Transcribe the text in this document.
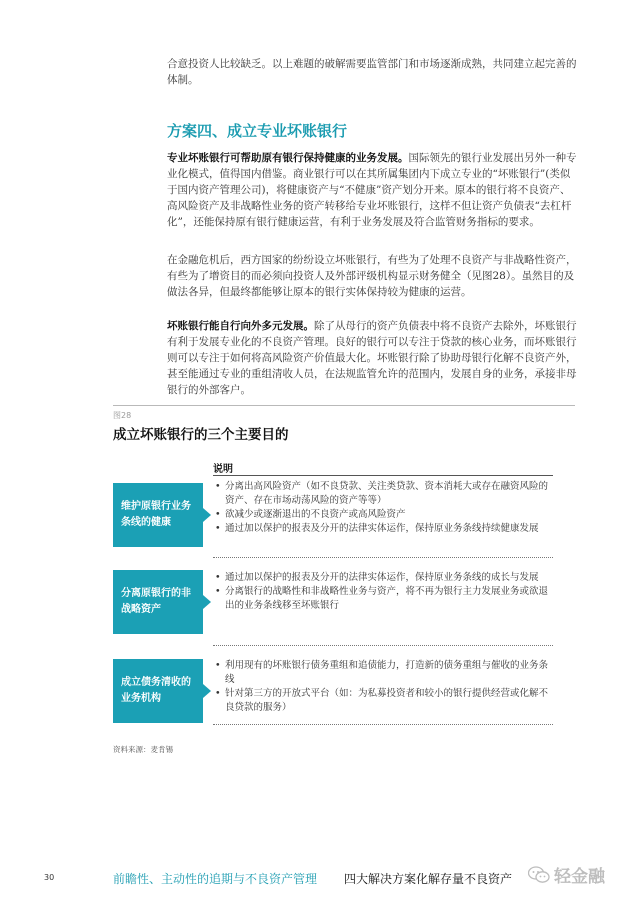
合意投资人比较缺乏。以上难题的破解需要监管部门和市场逐渐成熟，共同建立起完善的体制。
方案四、成立专业坏账银行
专业坏账银行可帮助原有银行保持健康的业务发展。国际领先的银行业发展出另外一种专业化模式，值得国内借鉴。商业银行可以在其所属集团内下成立专业的“坏账银行”(类似于国内资产管理公司)，将健康资产与“不健康”资产划分开来。原本的银行将不良资产、高风险资产及非战略性业务的资产转移给专业坏账银行，这样不但让资产负债表“去杠杆化”，还能保持原有银行健康运营，有利于业务发展及符合监管财务指标的要求。
在金融危机后，西方国家的纷纷设立坏账银行，有些为了处理不良资产与非战略性资产，有些为了增资目的而必须向投资人及外部评级机构显示财务健全（见图28）。虽然目的及做法各异，但最终都能够让原本的银行实体保持较为健康的运营。
坏账银行能自行向外多元发展。除了从母行的资产负债表中将不良资产去除外，坏账银行有利于发展专业化的不良资产管理。良好的银行可以专注于贷款的核心业务，而坏账银行则可以专注于如何将高风险资产价值最大化。坏账银行除了协助母银行化解不良资产外，甚至能通过专业的重组清收人员，在法规监管允许的范围内，发展自身的业务，承接非母银行的外部客户。
图28
成立坏账银行的三个主要目的
说明
维护原银行业务条线的健康
• 分离出高风险资产（如不良贷款、关注类贷款、资本消耗大或存在融资风险的资产、存在市场动荡风险的资产等等）
• 欲减少或逐渐退出的不良资产或高风险资产
• 通过加以保护的报表及分开的法律实体运作，保持原业务条线持续健康发展
分离原银行的非战略资产
• 通过加以保护的报表及分开的法律实体运作，保持原业务条线的成长与发展
• 分离银行的战略性和非战略性业务与资产，将不再为银行主力发展业务或欲退出的业务条线移至坏账银行
成立债务清收的业务机构
• 利用现有的坏账银行债务重组和追债能力，打造新的债务重组与催收的业务条线
• 针对第三方的开放式平台（如：为私募投资者和较小的银行提供经营或化解不良贷款的服务）
资料来源：麦肯锡
30	前瞻性、主动性的追期与不良资产管理 四大解决方案化解存量不良资产 轻金融
